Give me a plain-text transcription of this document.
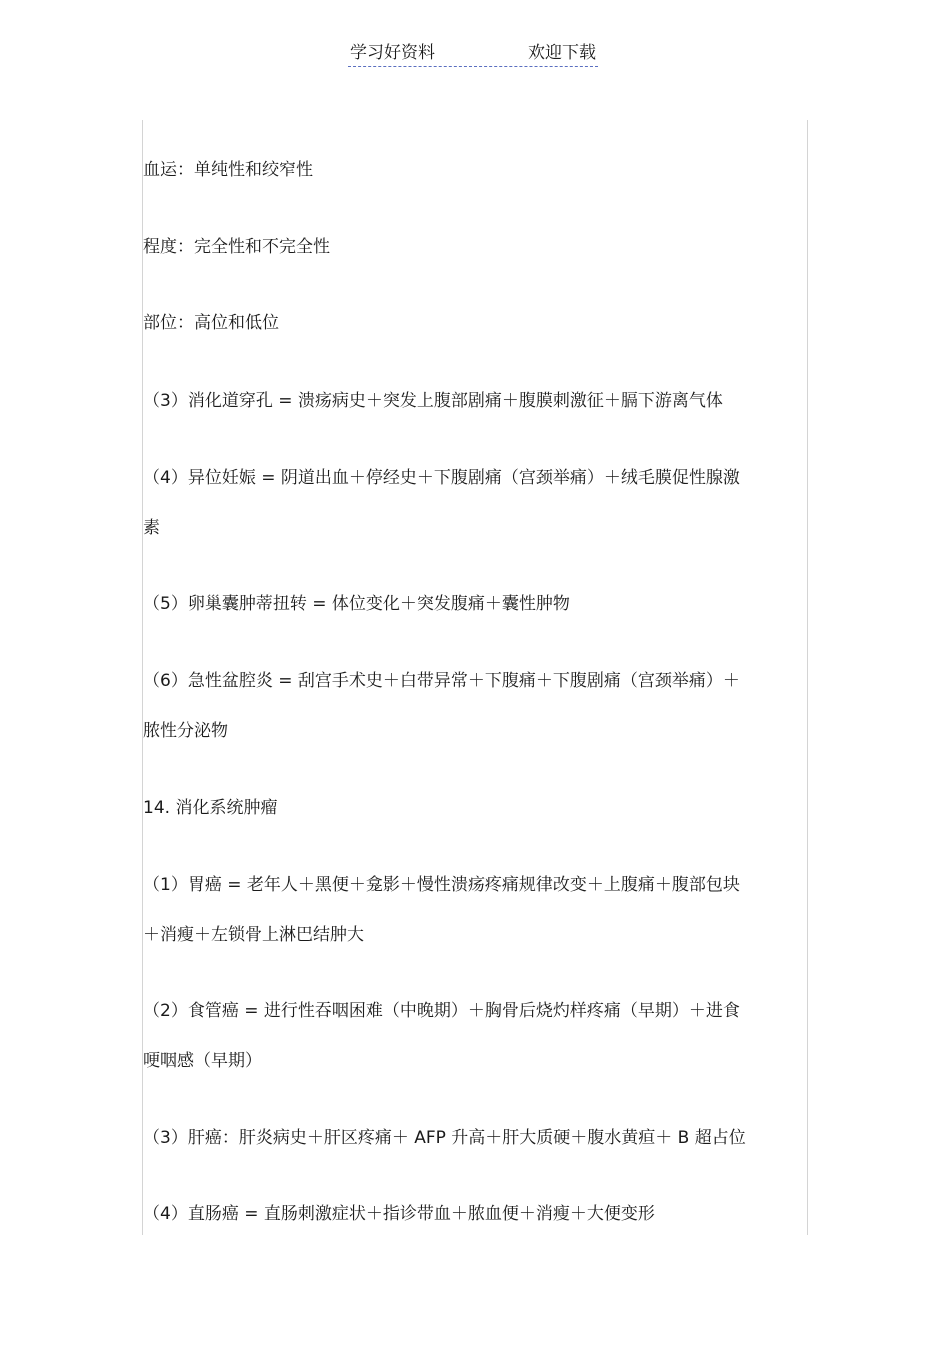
学习好资料	欢迎下载
血运：单纯性和绞窄性
程度：完全性和不完全性
部位：高位和低位
（3）消化道穿孔 = 溃疡病史＋突发上腹部剧痛＋腹膜刺激征＋膈下游离气体
（4）异位妊娠 = 阴道出血＋停经史＋下腹剧痛（宫颈举痛）＋绒毛膜促性腺激
素
（5）卵巢囊肿蒂扭转 = 体位变化＋突发腹痛＋囊性肿物
（6）急性盆腔炎 = 刮宫手术史＋白带异常＋下腹痛＋下腹剧痛（宫颈举痛）＋
脓性分泌物
14. 消化系统肿瘤
（1）胃癌 = 老年人＋黑便＋龛影＋慢性溃疡疼痛规律改变＋上腹痛＋腹部包块
＋消瘦＋左锁骨上淋巴结肿大
（2）食管癌 = 进行性吞咽困难（中晚期）＋胸骨后烧灼样疼痛（早期）＋进食
哽咽感（早期）
（3）肝癌：肝炎病史＋肝区疼痛＋ AFP 升高＋肝大质硬＋腹水黄疸＋ B 超占位
（4）直肠癌 = 直肠刺激症状＋指诊带血＋脓血便＋消瘦＋大便变形
